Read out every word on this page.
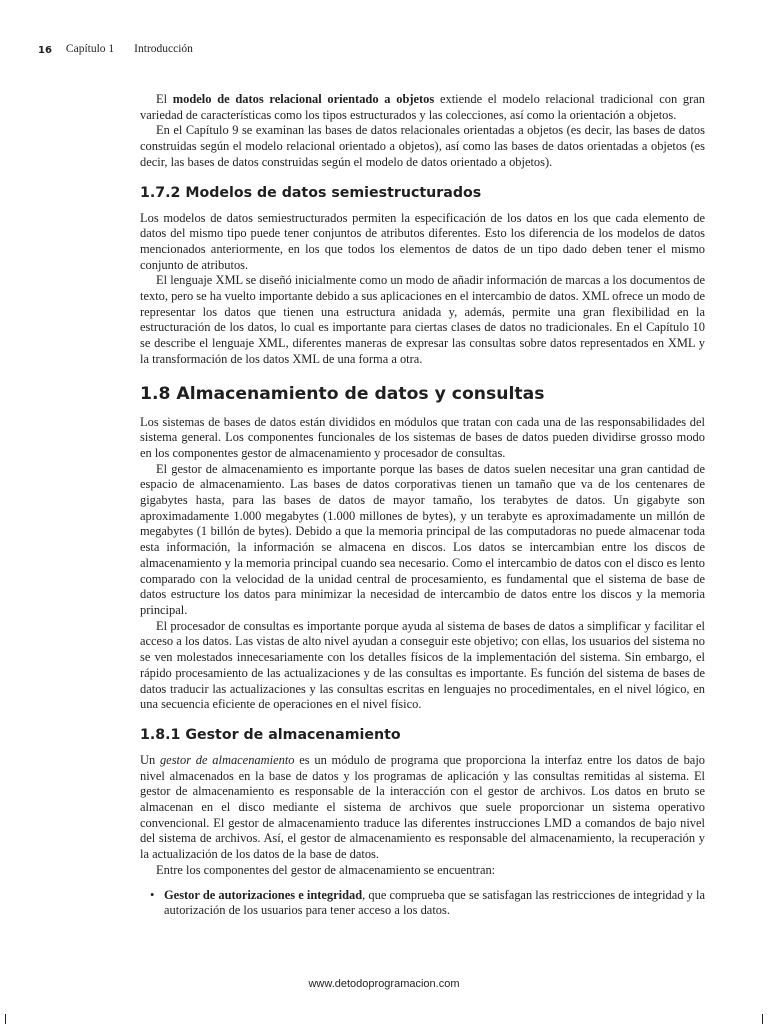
16 Capítulo 1 Introducción

El modelo de datos relacional orientado a objetos extiende el modelo relacional tradicional con gran variedad de características como los tipos estructurados y las colecciones, así como la orientación a objetos.

En el Capítulo 9 se examinan las bases de datos relacionales orientadas a objetos (es decir, las bases de datos construidas según el modelo relacional orientado a objetos), así como las bases de datos orientadas a objetos (es decir, las bases de datos construidas según el modelo de datos orientado a objetos).

1.7.2 Modelos de datos semiestructurados

Los modelos de datos semiestructurados permiten la especificación de los datos en los que cada elemento de datos del mismo tipo puede tener conjuntos de atributos diferentes. Esto los diferencia de los modelos de datos mencionados anteriormente, en los que todos los elementos de datos de un tipo dado deben tener el mismo conjunto de atributos.

El lenguaje XML se diseñó inicialmente como un modo de añadir información de marcas a los documentos de texto, pero se ha vuelto importante debido a sus aplicaciones en el intercambio de datos. XML ofrece un modo de representar los datos que tienen una estructura anidada y, además, permite una gran flexibilidad en la estructuración de los datos, lo cual es importante para ciertas clases de datos no tradicionales. En el Capítulo 10 se describe el lenguaje XML, diferentes maneras de expresar las consultas sobre datos representados en XML y la transformación de los datos XML de una forma a otra.

1.8 Almacenamiento de datos y consultas

Los sistemas de bases de datos están divididos en módulos que tratan con cada una de las responsabilidades del sistema general. Los componentes funcionales de los sistemas de bases de datos pueden dividirse grosso modo en los componentes gestor de almacenamiento y procesador de consultas.

El gestor de almacenamiento es importante porque las bases de datos suelen necesitar una gran cantidad de espacio de almacenamiento. Las bases de datos corporativas tienen un tamaño que va de los centenares de gigabytes hasta, para las bases de datos de mayor tamaño, los terabytes de datos. Un gigabyte son aproximadamente 1.000 megabytes (1.000 millones de bytes), y un terabyte es aproximadamente un millón de megabytes (1 billón de bytes). Debido a que la memoria principal de las computadoras no puede almacenar toda esta información, la información se almacena en discos. Los datos se intercambian entre los discos de almacenamiento y la memoria principal cuando sea necesario. Como el intercambio de datos con el disco es lento comparado con la velocidad de la unidad central de procesamiento, es fundamental que el sistema de base de datos estructure los datos para minimizar la necesidad de intercambio de datos entre los discos y la memoria principal.

El procesador de consultas es importante porque ayuda al sistema de bases de datos a simplificar y facilitar el acceso a los datos. Las vistas de alto nivel ayudan a conseguir este objetivo; con ellas, los usuarios del sistema no se ven molestados innecesariamente con los detalles físicos de la implementación del sistema. Sin embargo, el rápido procesamiento de las actualizaciones y de las consultas es importante. Es función del sistema de bases de datos traducir las actualizaciones y las consultas escritas en lenguajes no procedimentales, en el nivel lógico, en una secuencia eficiente de operaciones en el nivel físico.

1.8.1 Gestor de almacenamiento

Un gestor de almacenamiento es un módulo de programa que proporciona la interfaz entre los datos de bajo nivel almacenados en la base de datos y los programas de aplicación y las consultas remitidas al sistema. El gestor de almacenamiento es responsable de la interacción con el gestor de archivos. Los datos en bruto se almacenan en el disco mediante el sistema de archivos que suele proporcionar un sistema operativo convencional. El gestor de almacenamiento traduce las diferentes instrucciones LMD a comandos de bajo nivel del sistema de archivos. Así, el gestor de almacenamiento es responsable del almacenamiento, la recuperación y la actualización de los datos de la base de datos.

Entre los componentes del gestor de almacenamiento se encuentran:

• Gestor de autorizaciones e integridad, que comprueba que se satisfagan las restricciones de integridad y la autorización de los usuarios para tener acceso a los datos.
www.detodoprogramacion.com
